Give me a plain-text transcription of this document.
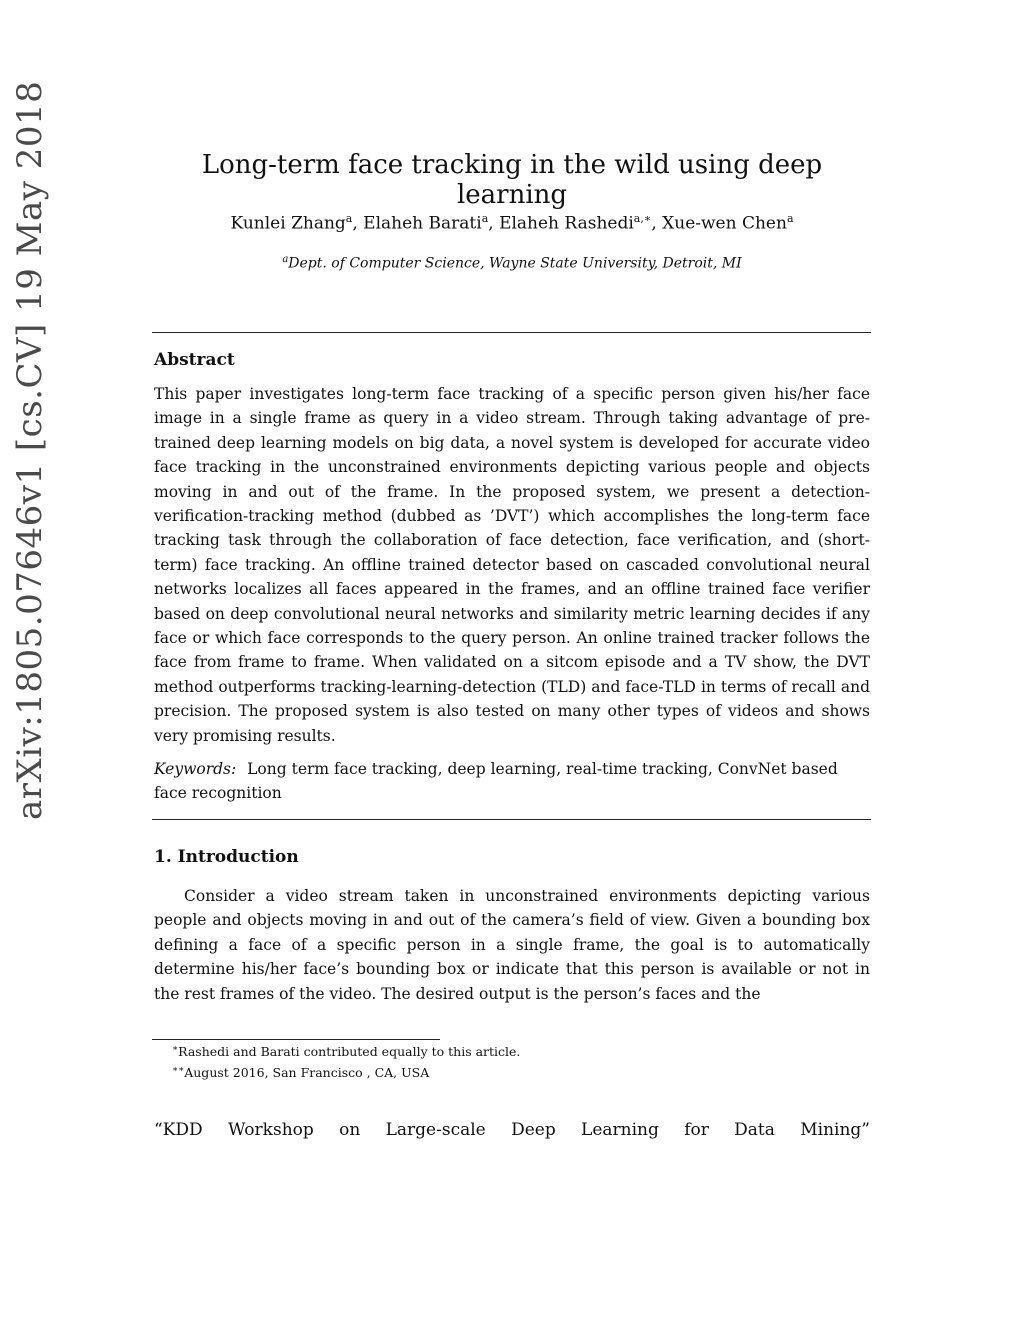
arXiv:1805.07646v1 [cs.CV] 19 May 2018	Long-term face tracking in the wild using deep learning
Kunlei Zhang$^a$, Elaheh Barati$^a$, Elaheh Rashedi$^{a,∗}$, Xue-wen Chen$^a$
$^a$Dept. of Computer Science, Wayne State University, Detroit, MI
Abstract
This paper investigates long-term face tracking of a specific person given his/her face image in a single frame as query in a video stream. Through taking advantage of pre-trained deep learning models on big data, a novel system is developed for accurate video face tracking in the unconstrained environments depicting various people and objects moving in and out of the frame. In the proposed system, we present a detection-verification-tracking method (dubbed as ’DVT’) which accomplishes the long-term face tracking task through the collaboration of face detection, face verification, and (short-term) face tracking. An offline trained detector based on cascaded convolutional neural networks localizes all faces appeared in the frames, and an offline trained face verifier based on deep convolutional neural networks and similarity metric learning decides if any face or which face corresponds to the query person. An online trained tracker follows the face from frame to frame. When validated on a sitcom episode and a TV show, the DVT method outperforms tracking-learning-detection (TLD) and face-TLD in terms of recall and precision. The proposed system is also tested on many other types of videos and shows very promising results.
Keywords: Long term face tracking, deep learning, real-time tracking, ConvNet based face recognition
1. Introduction
Consider a video stream taken in unconstrained environments depicting various people and objects moving in and out of the camera’s field of view. Given a bounding box defining a face of a specific person in a single frame, the goal is to automatically determine his/her face’s bounding box or indicate that this person is available or not in the rest frames of the video. The desired output is the person’s faces and the
∗Rashedi and Barati contributed equally to this article.
∗∗August 2016, San Francisco , CA, USA
“KDD Workshop on Large-scale Deep Learning for Data Mining”
